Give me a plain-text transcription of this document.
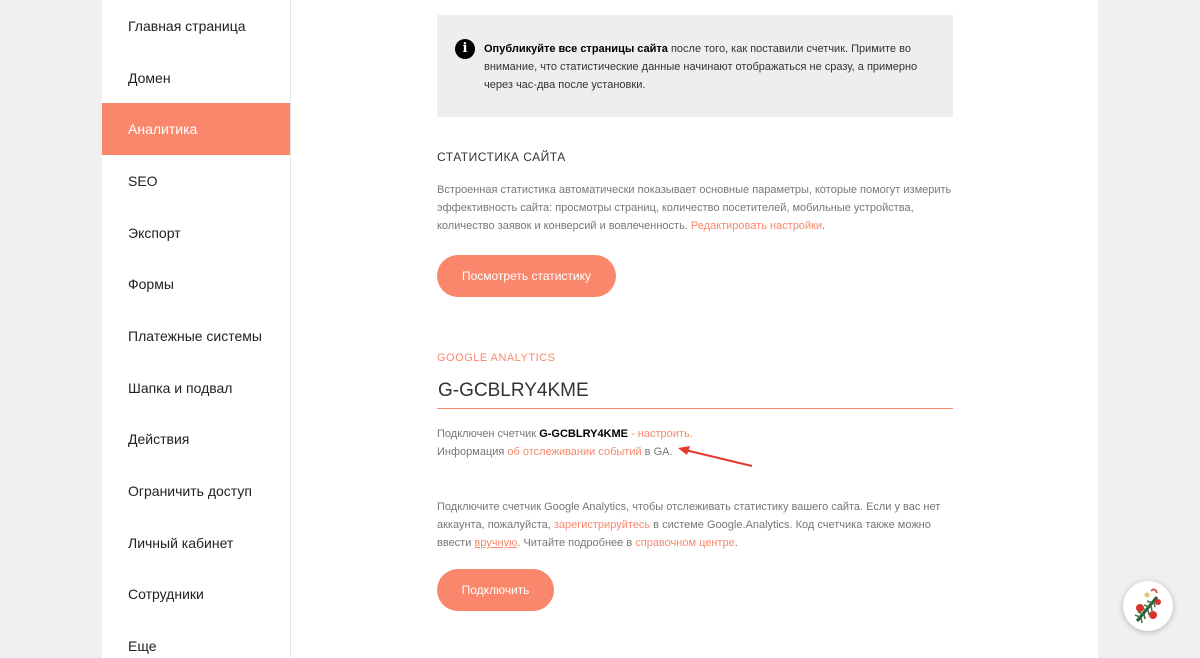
Главная страница
Домен
Аналитика
SEO
Экспорт
Формы
Платежные системы
Шапка и подвал
Действия
Ограничить доступ
Личный кабинет
Сотрудники
Еще
i	Опубликуйте все страницы сайта после того, как поставили счетчик. Примите во внимание, что статистические данные начинают отображаться не сразу, а примерно через час-два после установки.
СТАТИСТИКА САЙТА

Встроенная статистика автоматически показывает основные параметры, которые помогут измерить эффективность сайта: просмотры страниц, количество посетителей, мобильные устройства, количество заявок и конверсий и вовлеченность. Редактировать настройки.

Посмотреть статистику
GOOGLE ANALYTICS
G-GCBLRY4KME

Подключен счетчик G-GCBLRY4KME - настроить.
Информация об отслеживании событий в GA.

Подключите счетчик Google Analytics, чтобы отслеживать статистику вашего сайта. Если у вас нет аккаунта, пожалуйста, зарегистрируйтесь в системе Google.Analytics. Код счетчика также можно ввести вручную. Читайте подробнее в справочном центре.

Подключить
